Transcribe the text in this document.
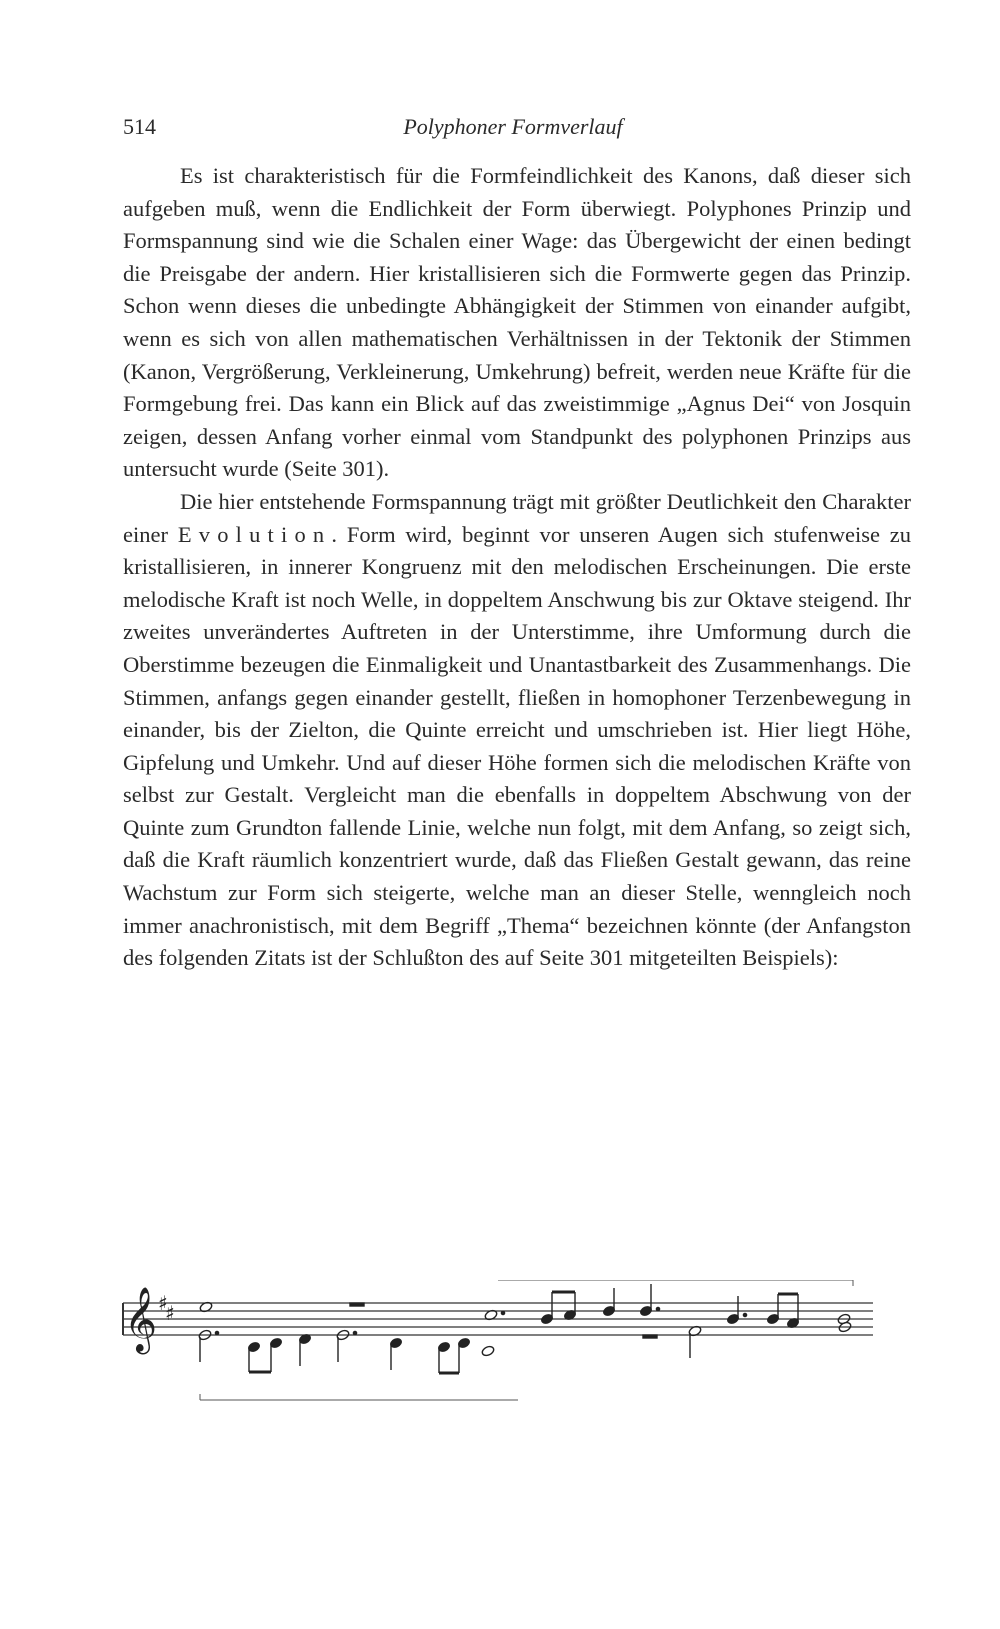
514	Polyphoner Formverlauf

Es ist charakteristisch für die Formfeindlichkeit des Kanons, daß dieser sich aufgeben muß, wenn die Endlichkeit der Form überwiegt. Polyphones Prinzip und Formspannung sind wie die Schalen einer Wage: das Übergewicht der einen bedingt die Preisgabe der andern. Hier kristallisieren sich die Formwerte gegen das Prinzip. Schon wenn dieses die unbedingte Abhängigkeit der Stimmen von einander aufgibt, wenn es sich von allen mathematischen Verhältnissen in der Tektonik der Stimmen (Kanon, Vergrößerung, Verkleinerung, Umkehrung) befreit, werden neue Kräfte für die Formgebung frei. Das kann ein Blick auf das zweistimmige „Agnus Dei“ von Josquin zeigen, dessen Anfang vorher einmal vom Standpunkt des polyphonen Prinzips aus untersucht wurde (Seite 301).

Die hier entstehende Formspannung trägt mit größter Deutlichkeit den Charakter einer Evolution. Form wird, beginnt vor unseren Augen sich stufenweise zu kristallisieren, in innerer Kongruenz mit den melodischen Erscheinungen. Die erste melodische Kraft ist noch Welle, in doppeltem Anschwung bis zur Oktave steigend. Ihr zweites unverändertes Auftreten in der Unterstimme, ihre Umformung durch die Oberstimme bezeugen die Einmaligkeit und Unantastbarkeit des Zusammenhangs. Die Stimmen, anfangs gegen einander gestellt, fließen in homophoner Terzenbewegung in einander, bis der Zielton, die Quinte erreicht und umschrieben ist. Hier liegt Höhe, Gipfelung und Umkehr. Und auf dieser Höhe formen sich die melodischen Kräfte von selbst zur Gestalt. Vergleicht man die ebenfalls in doppeltem Abschwung von der Quinte zum Grundton fallende Linie, welche nun folgt, mit dem Anfang, so zeigt sich, daß die Kraft räumlich konzentriert wurde, daß das Fließen Gestalt gewann, das reine Wachstum zur Form sich steigerte, welche man an dieser Stelle, wenngleich noch immer anachronistisch, mit dem Begriff „Thema“ bezeichnen könnte (der Anfangston des folgenden Zitats ist der Schlußton des auf Seite 301 mitgeteilten Beispiels):

𝄞 ♯
♯
